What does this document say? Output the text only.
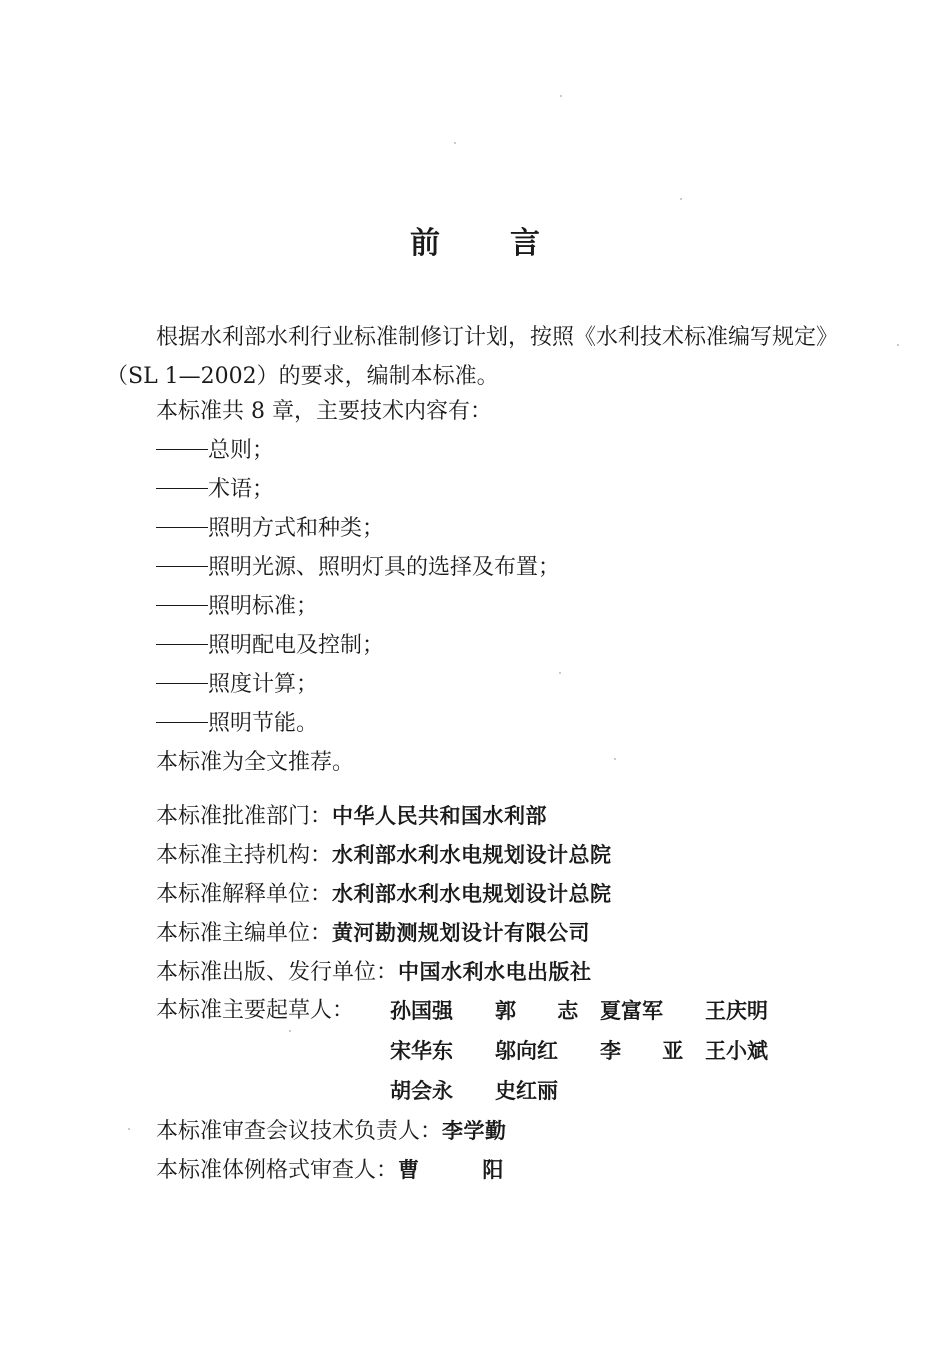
前 言
根据水利部水利行业标准制修订计划，按照《水利技术标准编写规定》（SL 1—2002）的要求，编制本标准。
本标准共 8 章，主要技术内容有：
总则；
术语；
照明方式和种类；
照明光源、照明灯具的选择及布置；
照明标准；
照明配电及控制；
照度计算；
照明节能。
本标准为全文推荐。
本标准批准部门：中华人民共和国水利部
本标准主持机构：水利部水利水电规划设计总院
本标准解释单位：水利部水利水电规划设计总院
本标准主编单位：黄河勘测规划设计有限公司
本标准出版、发行单位：中国水利水电出版社
本标准主要起草人： 孙国强 郭 志 夏富军 王庆明
宋华东 邬向红 李 亚 王小斌
胡会永 史红丽
本标准审查会议技术负责人：李学勤
本标准体例格式审查人：曹 阳
